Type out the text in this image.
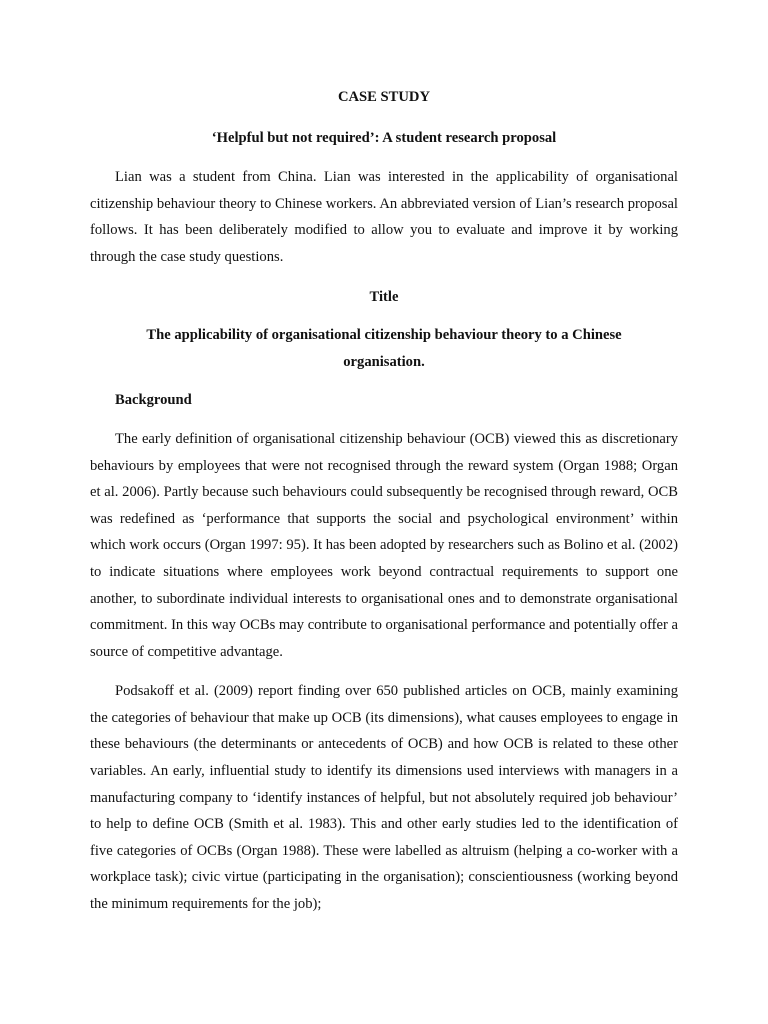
CASE STUDY
‘Helpful but not required’: A student research proposal

Lian was a student from China. Lian was interested in the applicability of organisational citizenship behaviour theory to Chinese workers. An abbreviated version of Lian’s research proposal follows. It has been deliberately modified to allow you to evaluate and improve it by working through the case study questions.

Title
The applicability of organisational citizenship behaviour theory to a Chinese organisation.
Background

The early definition of organisational citizenship behaviour (OCB) viewed this as discretionary behaviours by employees that were not recognised through the reward system (Organ 1988; Organ et al. 2006). Partly because such behaviours could subsequently be recognised through reward, OCB was redefined as ‘performance that supports the social and psychological environment’ within which work occurs (Organ 1997: 95). It has been adopted by researchers such as Bolino et al. (2002) to indicate situations where employees work beyond contractual requirements to support one another, to subordinate individual interests to organisational ones and to demonstrate organisational commitment. In this way OCBs may contribute to organisational performance and potentially offer a source of competitive advantage.

Podsakoff et al. (2009) report finding over 650 published articles on OCB, mainly examining the categories of behaviour that make up OCB (its dimensions), what causes employees to engage in these behaviours (the determinants or antecedents of OCB) and how OCB is related to these other variables. An early, influential study to identify its dimensions used interviews with managers in a manufacturing company to ‘identify instances of helpful, but not absolutely required job behaviour’ to help to define OCB (Smith et al. 1983). This and other early studies led to the identification of five categories of OCBs (Organ 1988). These were labelled as altruism (helping a co-worker with a workplace task); civic virtue (participating in the organisation); conscientiousness (working beyond the minimum requirements for the job);
